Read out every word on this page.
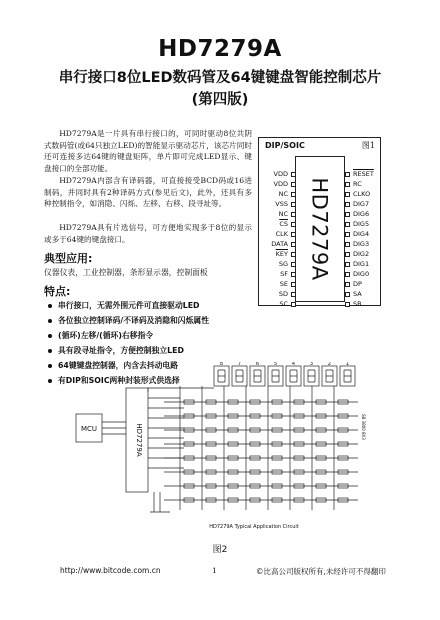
HD7279A
串行接口8位LED数码管及64键键盘智能控制芯片
(第四版)

HD7279A是一片具有串行接口的，可同时驱动8位共阴式数码管(或64只独立LED)的智能显示驱动芯片，该芯片同时还可连接多达64键的键盘矩阵，单片即可完成LED显示、键盘接口的全部功能。

HD7279A内部含有译码器，可直接接受BCD码或16进制码，并同时具有2种译码方式(参见后文)，此外，还具有多种控制指令，如消隐、闪烁、左移、右移、段寻址等。

HD7279A具有片选信号，可方便地实现多于8位的显示或多于64键的键盘接口。

典型应用:
仪器仪表，工业控制器，条形显示器，控制面板
特点:
串行接口，无需外围元件可直接驱动LED
各位独立控制译码/不译码及消隐和闪烁属性
(循环)左移/(循环)右移指令
具有段寻址指令，方便控制独立LED
64键键盘控制器，内含去抖动电路
有DIP和SOIC两种封装形式供选择
DIP/SOIC	图1
HD7279A
VDD
VDD
NC
VSS
NC
$\overline{CS}$
CLK
DATA
$\overline{KEY}$
SG
SF
SE
SD
SC
RESET
RC
CLKO
DIG7
DIG6
DIG5
DIG4
DIG3
DIG2
DIG1
DIG0
DP
SA
SB
MCU	HD7279A
HD7279A Typical Application Circuit
SB 3800 8X3
8	7	6	5	4	3	2	1
图2
http://www.bitcode.com.cn	1	©比高公司版权所有,未经许可不得翻印
